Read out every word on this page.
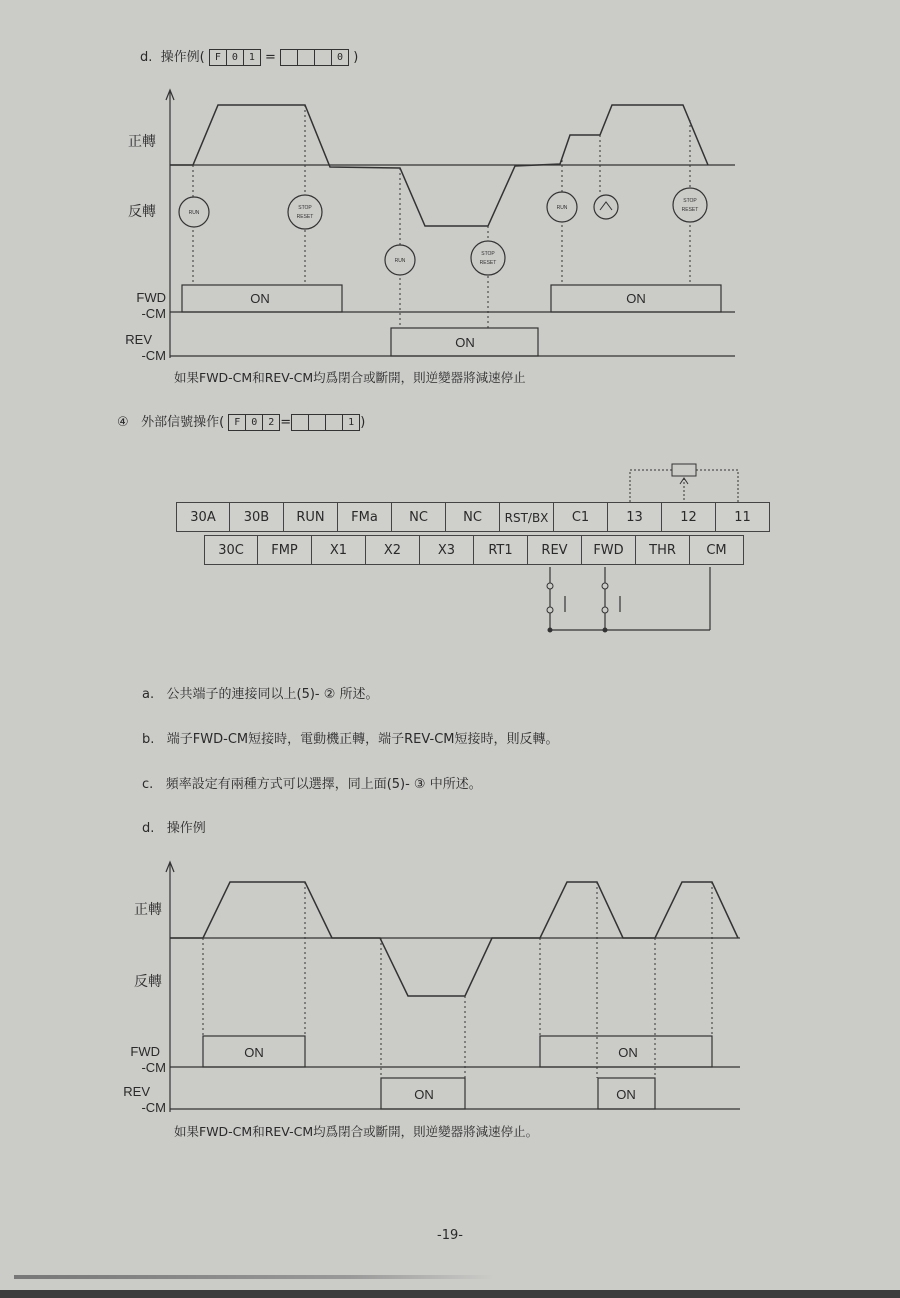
d. 操作例( F 0 1 =	0 )
RUN
STOP
RESET
RUN
STOP
RESET
RUN
STOP
RESET
正轉
反轉
FWD
-CM
REV
-CM
ON	ON
ON
如果FWD-CM和REV-CM均爲閉合或斷開，則逆變器將減速停止
④ 外部信號操作( F 0 2 =	1 )
30A	30B	RUN	FMa	NC	NC	RST/BX	C1	13	12	11
30C	FMP	X1	X2	X3	RT1	REV	FWD	THR	CM
a. 公共端子的連接同以上(5)- ② 所述。
b. 端子FWD-CM短接時，電動機正轉，端子REV-CM短接時，則反轉。
c. 頻率設定有兩種方式可以選擇，同上面(5)- ③ 中所述。
d. 操作例
正轉
反轉
FWD
-CM
REV
-CM
ON	ON
ON	ON
如果FWD-CM和REV-CM均爲閉合或斷開，則逆變器將減速停止。
-19-
